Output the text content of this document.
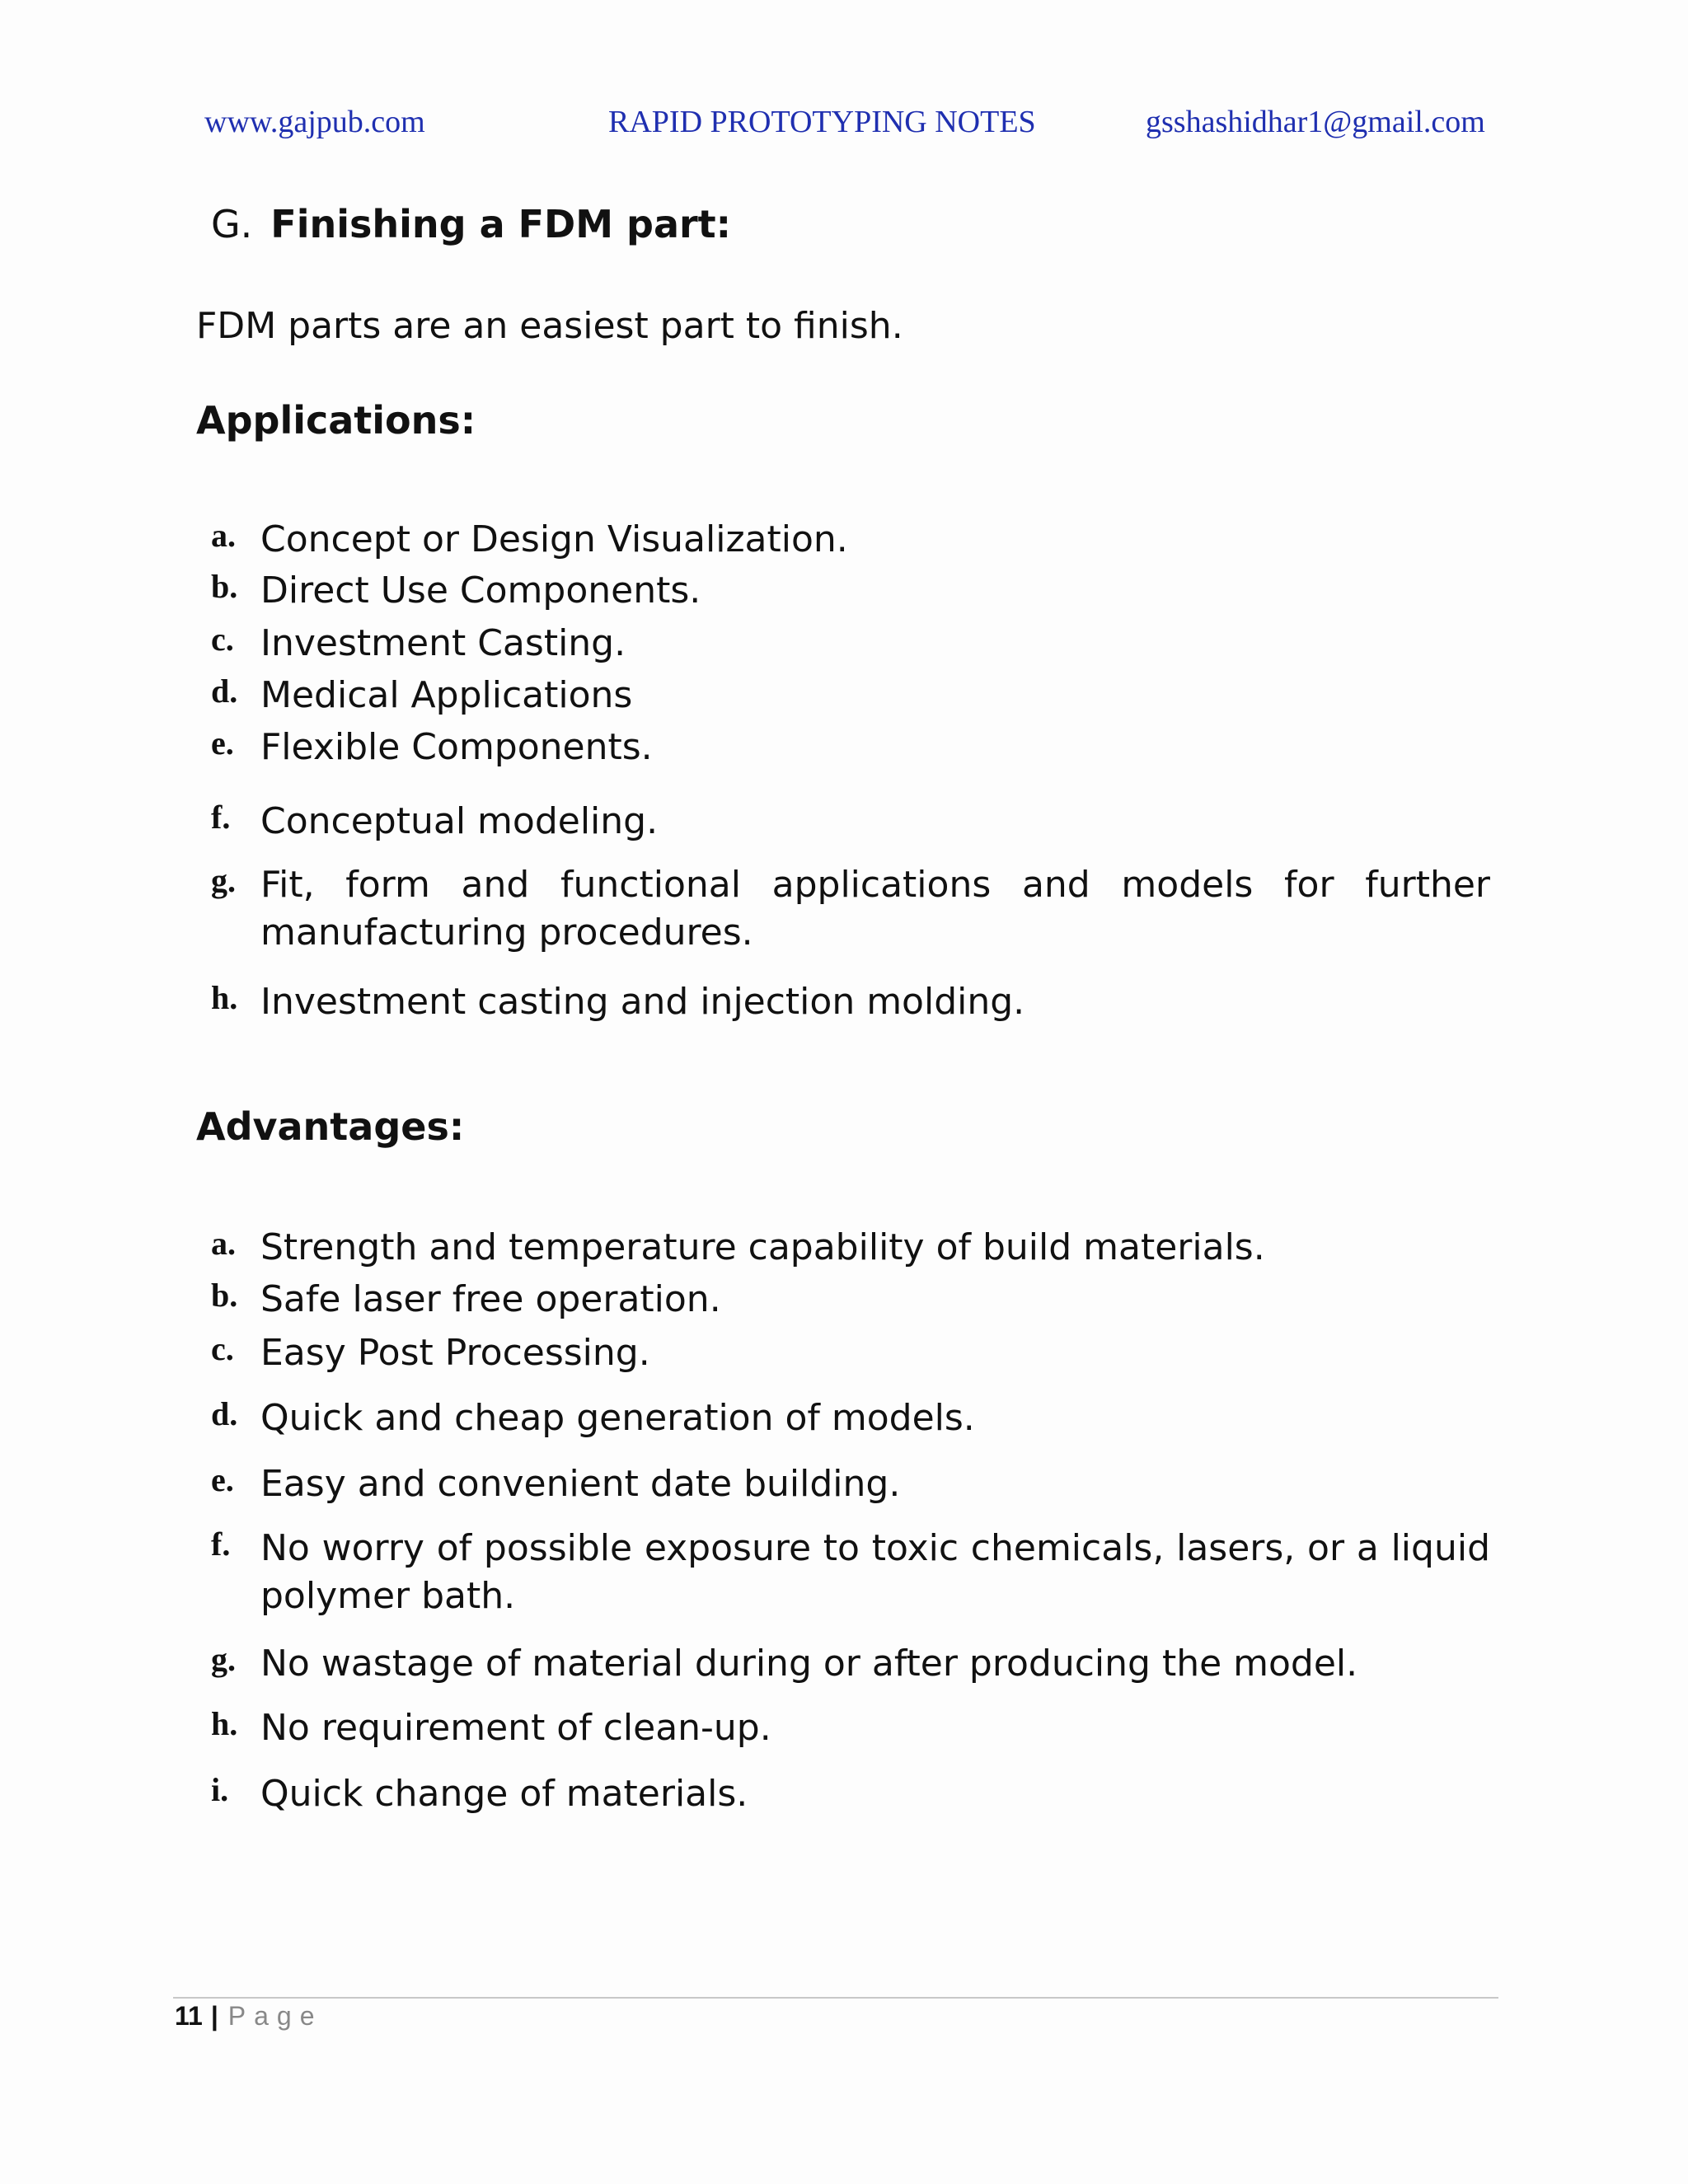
www.gajpub.com	RAPID PROTOTYPING NOTES	gsshashidhar1@gmail.com
G. Finishing a FDM part:
FDM parts are an easiest part to finish.
Applications:
a. Concept or Design Visualization.
b. Direct Use Components.
c. Investment Casting.
d. Medical Applications
e. Flexible Components.
f. Conceptual modeling.
g. Fit, form and functional applications and models for further manufacturing procedures.
h. Investment casting and injection molding.
Advantages:
a. Strength and temperature capability of build materials.
b. Safe laser free operation.
c. Easy Post Processing.
d. Quick and cheap generation of models.
e. Easy and convenient date building.
f. No worry of possible exposure to toxic chemicals, lasers, or a liquid polymer bath.
g. No wastage of material during or after producing the model.
h. No requirement of clean-up.
i. Quick change of materials.
11 | Page
